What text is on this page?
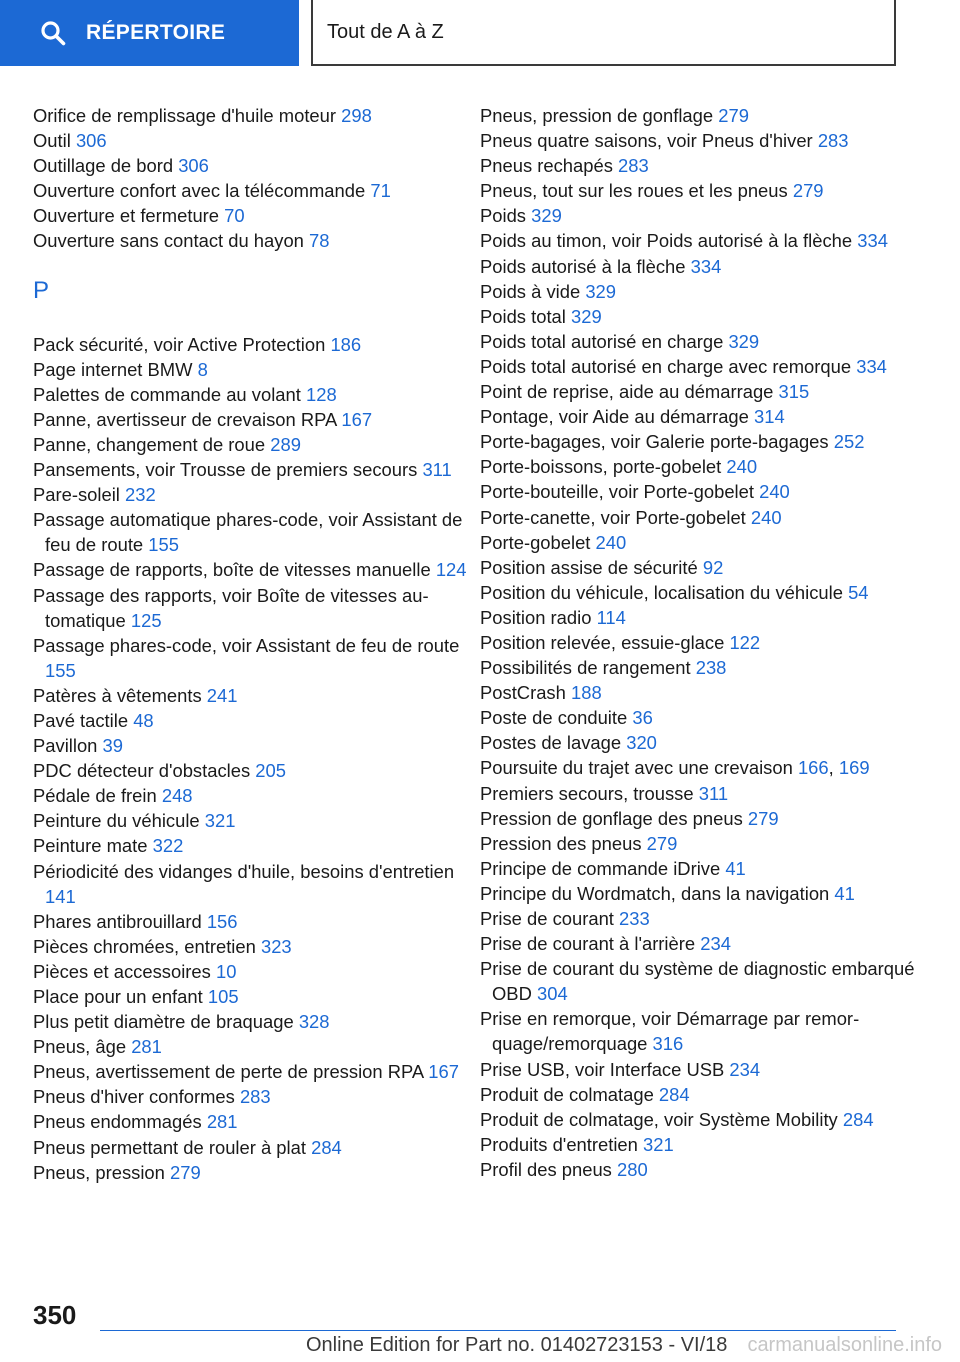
RÉPERTOIRE	Tout de A à Z
Orifice de remplissage d'huile moteur 298
Outil 306
Outillage de bord 306
Ouverture confort avec la télécommande 71
Ouverture et fermeture 70
Ouverture sans contact du hayon 78
P
Pack sécurité, voir Active Protection 186
Page internet BMW 8
Palettes de commande au volant 128
Panne, avertisseur de crevaison RPA 167
Panne, changement de roue 289
Pansements, voir Trousse de premiers secours 311
Pare-soleil 232
Passage automatique phares-code, voir Assistant de feu de route 155
Passage de rapports, boîte de vitesses manuelle 124
Passage des rapports, voir Boîte de vitesses automatique 125
Passage phares-code, voir Assistant de feu de route 155
Patères à vêtements 241
Pavé tactile 48
Pavillon 39
PDC détecteur d'obstacles 205
Pédale de frein 248
Peinture du véhicule 321
Peinture mate 322
Périodicité des vidanges d'huile, besoins d'entretien 141
Phares antibrouillard 156
Pièces chromées, entretien 323
Pièces et accessoires 10
Place pour un enfant 105
Plus petit diamètre de braquage 328
Pneus, âge 281
Pneus, avertissement de perte de pression RPA 167
Pneus d'hiver conformes 283
Pneus endommagés 281
Pneus permettant de rouler à plat 284
Pneus, pression 279
Pneus, pression de gonflage 279
Pneus quatre saisons, voir Pneus d'hiver 283
Pneus rechapés 283
Pneus, tout sur les roues et les pneus 279
Poids 329
Poids au timon, voir Poids autorisé à la flèche 334
Poids autorisé à la flèche 334
Poids à vide 329
Poids total 329
Poids total autorisé en charge 329
Poids total autorisé en charge avec remorque 334
Point de reprise, aide au démarrage 315
Pontage, voir Aide au démarrage 314
Porte-bagages, voir Galerie porte-bagages 252
Porte-boissons, porte-gobelet 240
Porte-bouteille, voir Porte-gobelet 240
Porte-canette, voir Porte-gobelet 240
Porte-gobelet 240
Position assise de sécurité 92
Position du véhicule, localisation du véhicule 54
Position radio 114
Position relevée, essuie-glace 122
Possibilités de rangement 238
PostCrash 188
Poste de conduite 36
Postes de lavage 320
Poursuite du trajet avec une crevaison 166, 169
Premiers secours, trousse 311
Pression de gonflage des pneus 279
Pression des pneus 279
Principe de commande iDrive 41
Principe du Wordmatch, dans la navigation 41
Prise de courant 233
Prise de courant à l'arrière 234
Prise de courant du système de diagnostic embarqué OBD 304
Prise en remorque, voir Démarrage par remorquage/remorquage 316
Prise USB, voir Interface USB 234
Produit de colmatage 284
Produit de colmatage, voir Système Mobility 284
Produits d'entretien 321
Profil des pneus 280
350
Online Edition for Part no. 01402723153 - VI/18 carmanualsonline.info
